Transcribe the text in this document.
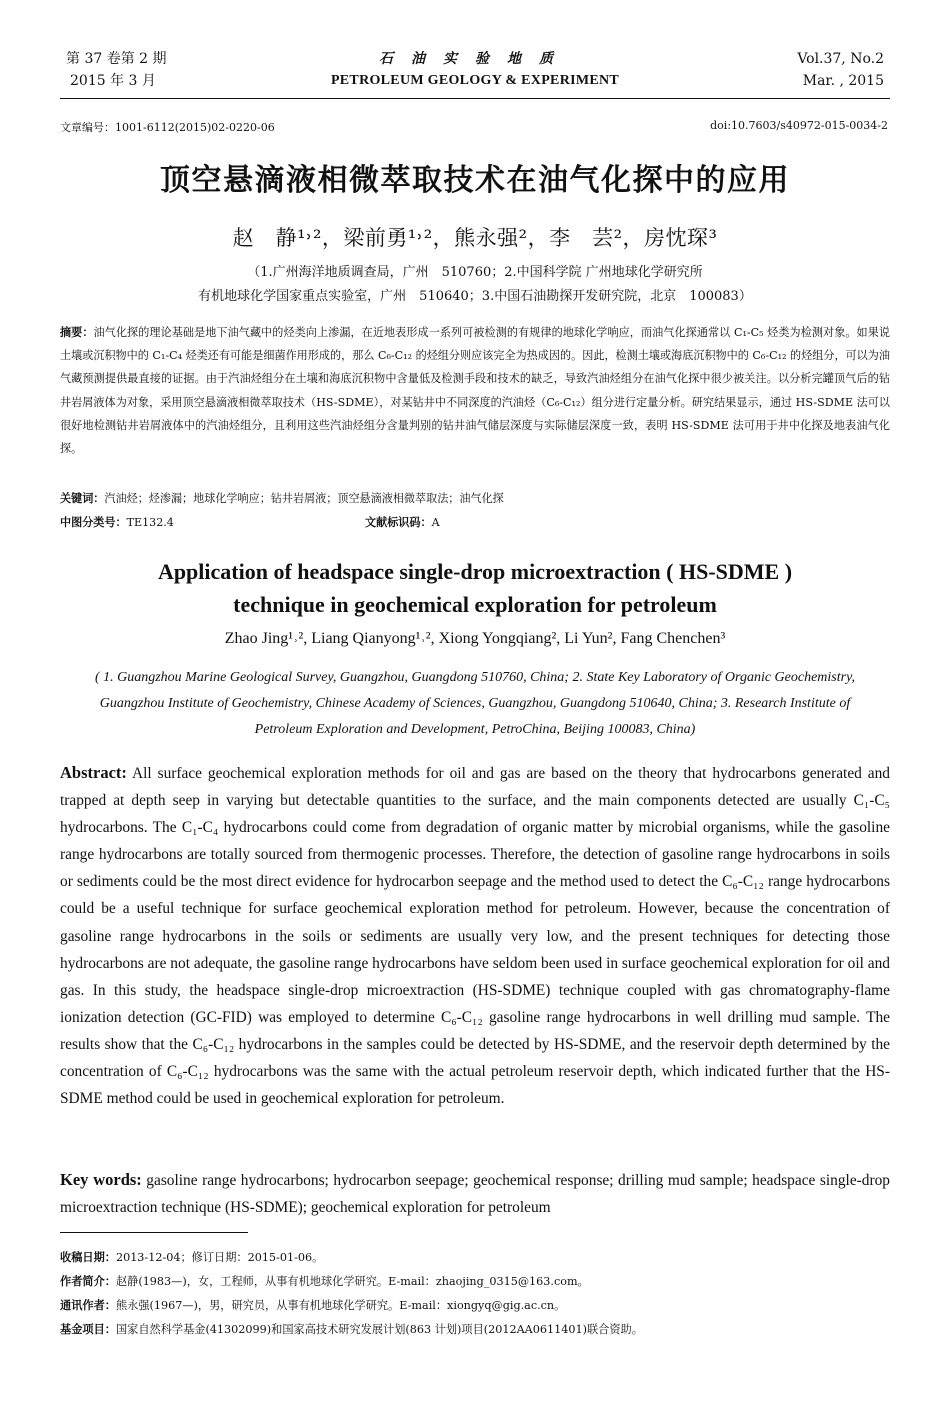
第 37 卷第 2 期
2015 年 3 月
石油实验地质
PETROLEUM GEOLOGY & EXPERIMENT
Vol.37, No.2
Mar. , 2015
文章编号：1001-6112(2015)02-0220-06	doi:10.7603/s40972-015-0034-2
顶空悬滴液相微萃取技术在油气化探中的应用
赵　静¹˒²，梁前勇¹˒²，熊永强²，李　芸²，房忱琛³
（1.广州海洋地质调查局，广州　510760；2.中国科学院 广州地球化学研究所
有机地球化学国家重点实验室，广州　510640；3.中国石油勘探开发研究院，北京　100083）
摘要：油气化探的理论基础是地下油气藏中的烃类向上渗漏，在近地表形成一系列可被检测的有规律的地球化学响应，而油气化探通常以 C₁-C₅ 烃类为检测对象。如果说土壤或沉积物中的 C₁-C₄ 烃类还有可能是细菌作用形成的，那么 C₆-C₁₂ 的烃组分则应该完全为热成因的。因此，检测土壤或海底沉积物中的 C₆-C₁₂ 的烃组分，可以为油气藏预测提供最直接的证据。由于汽油烃组分在土壤和海底沉积物中含量低及检测手段和技术的缺乏，导致汽油烃组分在油气化探中很少被关注。以分析完罐顶气后的钻井岩屑液体为对象，采用顶空悬滴液相微萃取技术（HS-SDME），对某钻井中不同深度的汽油烃（C₆-C₁₂）组分进行定量分析。研究结果显示，通过 HS-SDME 法可以很好地检测钻井岩屑液体中的汽油烃组分，且利用这些汽油烃组分含量判别的钻井油气储层深度与实际储层深度一致，表明 HS-SDME 法可用于井中化探及地表油气化探。
关键词：汽油烃；烃渗漏；地球化学响应；钻井岩屑液；顶空悬滴液相微萃取法；油气化探
中图分类号：TE132.4	文献标识码：A
Application of headspace single-drop microextraction ( HS-SDME )
technique in geochemical exploration for petroleum
Zhao Jing¹˒², Liang Qianyong¹˒², Xiong Yongqiang², Li Yun², Fang Chenchen³
( 1. Guangzhou Marine Geological Survey, Guangzhou, Guangdong 510760, China; 2. State Key Laboratory of Organic Geochemistry, Guangzhou Institute of Geochemistry, Chinese Academy of Sciences, Guangzhou, Guangdong 510640, China; 3. Research Institute of Petroleum Exploration and Development, PetroChina, Beijing 100083, China)
Abstract: All surface geochemical exploration methods for oil and gas are based on the theory that hydrocarbons generated and trapped at depth seep in varying but detectable quantities to the surface, and the main components detected are usually C₁-C₅ hydrocarbons. The C₁-C₄ hydrocarbons could come from degradation of organic matter by microbial organisms, while the gasoline range hydrocarbons are totally sourced from thermogenic processes. Therefore, the detection of gasoline range hydrocarbons in soils or sediments could be the most direct evidence for hydrocarbon seepage and the method used to detect the C₆-C₁₂ range hydrocarbons could be a useful technique for surface geochemical exploration method for petroleum. However, because the concentration of gasoline range hydrocarbons in the soils or sediments are usually very low, and the present techniques for detecting those hydrocarbons are not adequate, the gasoline range hydrocarbons have seldom been used in surface geochemical exploration for oil and gas. In this study, the headspace single-drop microextraction (HS-SDME) technique coupled with gas chromatography-flame ionization detection (GC-FID) was employed to determine C₆-C₁₂ gasoline range hydrocarbons in well drilling mud sample. The results show that the C₆-C₁₂ hydrocarbons in the samples could be detected by HS-SDME, and the reservoir depth determined by the concentration of C₆-C₁₂ hydrocarbons was the same with the actual petroleum reservoir depth, which indicated further that the HS-SDME method could be used in geochemical exploration for petroleum.
Key words: gasoline range hydrocarbons; hydrocarbon seepage; geochemical response; drilling mud sample; headspace single-drop microextraction technique (HS-SDME); geochemical exploration for petroleum
收稿日期：2013-12-04；修订日期：2015-01-06。
作者简介：赵静(1983—)，女，工程师，从事有机地球化学研究。E-mail：zhaojing_0315@163.com。
通讯作者：熊永强(1967—)，男，研究员，从事有机地球化学研究。E-mail：xiongyq@gig.ac.cn。
基金项目：国家自然科学基金(41302099)和国家高技术研究发展计划(863 计划)项目(2012AA0611401)联合资助。
